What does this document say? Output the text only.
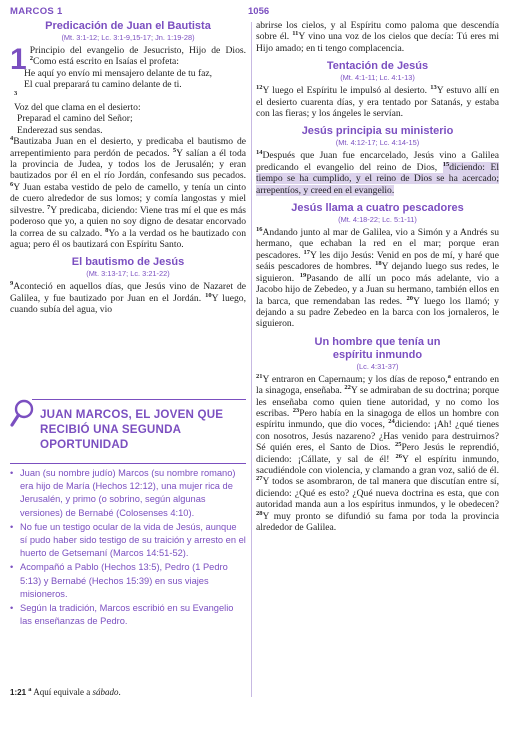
MARCOS 1	1056
Predicación de Juan el Bautista
(Mt. 3:1-12; Lc. 3:1-9,15-17; Jn. 1:19-28)

1 Principio del evangelio de Jesucristo, Hijo de Dios. $^2$Como está escrito en Isaías el profeta:

He aquí yo envío mi mensajero delante de tu faz,
El cual preparará tu camino delante de ti.
$^3$
Voz del que clama en el desierto:
Preparad el camino del Señor;
Enderezad sus sendas.

$^4$Bautizaba Juan en el desierto, y predicaba el bautismo de arrepentimiento para perdón de pecados. $^5$Y salían a él toda la provincia de Judea, y todos los de Jerusalén; y eran bautizados por él en el río Jordán, confesando sus pecados. $^6$Y Juan estaba vestido de pelo de camello, y tenía un cinto de cuero alrededor de sus lomos; y comía langostas y miel silvestre. $^7$Y predicaba, diciendo: Viene tras mí el que es más poderoso que yo, a quien no soy digno de desatar encorvado la correa de su calzado. $^8$Yo a la verdad os he bautizado con agua; pero él os bautizará con Espíritu Santo.

El bautismo de Jesús
(Mt. 3:13-17; Lc. 3:21-22)

$^9$Aconteció en aquellos días, que Jesús vino de Nazaret de Galilea, y fue bautizado por Juan en el Jordán. $^{10}$Y luego, cuando subía del agua, vio

JUAN MARCOS, EL JOVEN QUE RECIBIÓ UNA SEGUNDA OPORTUNIDAD
• Juan (su nombre judío) Marcos (su nombre romano) era hijo de María (Hechos 12:12), una mujer rica de Jerusalén, y primo (o sobrino, según algunas versiones) de Bernabé (Colosenses 4:10).
• No fue un testigo ocular de la vida de Jesús, aunque sí pudo haber sido testigo de su traición y arresto en el huerto de Getsemaní (Marcos 14:51-52).
• Acompañó a Pablo (Hechos 13:5), Pedro (1 Pedro 5:13) y Bernabé (Hechos 15:39) en sus viajes misioneros.
• Según la tradición, Marcos escribió en su Evangelio las enseñanzas de Pedro.
1:21 $^a$ Aquí equivale a sábado.

abrirse los cielos, y al Espíritu como paloma que descendía sobre él. $^{11}$Y vino una voz de los cielos que decía: Tú eres mi Hijo amado; en ti tengo complacencia.

Tentación de Jesús
(Mt. 4:1-11; Lc. 4:1-13)

$^{12}$Y luego el Espíritu le impulsó al desierto. $^{13}$Y estuvo allí en el desierto cuarenta días, y era tentado por Satanás, y estaba con las fieras; y los ángeles le servían.

Jesús principia su ministerio
(Mt. 4:12-17; Lc. 4:14-15)

$^{14}$Después que Juan fue encarcelado, Jesús vino a Galilea predicando el evangelio del reino de Dios, $^{15}$diciendo: El tiempo se ha cumplido, y el reino de Dios se ha acercado; arrepentíos, y creed en el evangelio.

Jesús llama a cuatro pescadores
(Mt. 4:18-22; Lc. 5:1-11)

$^{16}$Andando junto al mar de Galilea, vio a Simón y a Andrés su hermano, que echaban la red en el mar; porque eran pescadores. $^{17}$Y les dijo Jesús: Venid en pos de mí, y haré que seáis pescadores de hombres. $^{18}$Y dejando luego sus redes, le siguieron. $^{19}$Pasando de allí un poco más adelante, vio a Jacobo hijo de Zebedeo, y a Juan su hermano, también ellos en la barca, que remendaban las redes. $^{20}$Y luego los llamó; y dejando a su padre Zebedeo en la barca con los jornaleros, le siguieron.

Un hombre que tenía un espíritu inmundo
(Lc. 4:31-37)

$^{21}$Y entraron en Capernaum; y los días de reposo,$^a$ entrando en la sinagoga, enseñaba. $^{22}$Y se admiraban de su doctrina; porque les enseñaba como quien tiene autoridad, y no como los escribas. $^{23}$Pero había en la sinagoga de ellos un hombre con espíritu inmundo, que dio voces, $^{24}$diciendo: ¡Ah! ¿qué tienes con nosotros, Jesús nazareno? ¿Has venido para destruirnos? Sé quién eres, el Santo de Dios. $^{25}$Pero Jesús le reprendió, diciendo: ¡Cállate, y sal de él! $^{26}$Y el espíritu inmundo, sacudiéndole con violencia, y clamando a gran voz, salió de él. $^{27}$Y todos se asombraron, de tal manera que discutían entre sí, diciendo: ¿Qué es esto? ¿Qué nueva doctrina es esta, que con autoridad manda aun a los espíritus inmundos, y le obedecen? $^{28}$Y muy pronto se difundió su fama por toda la provincia alrededor de Galilea.
